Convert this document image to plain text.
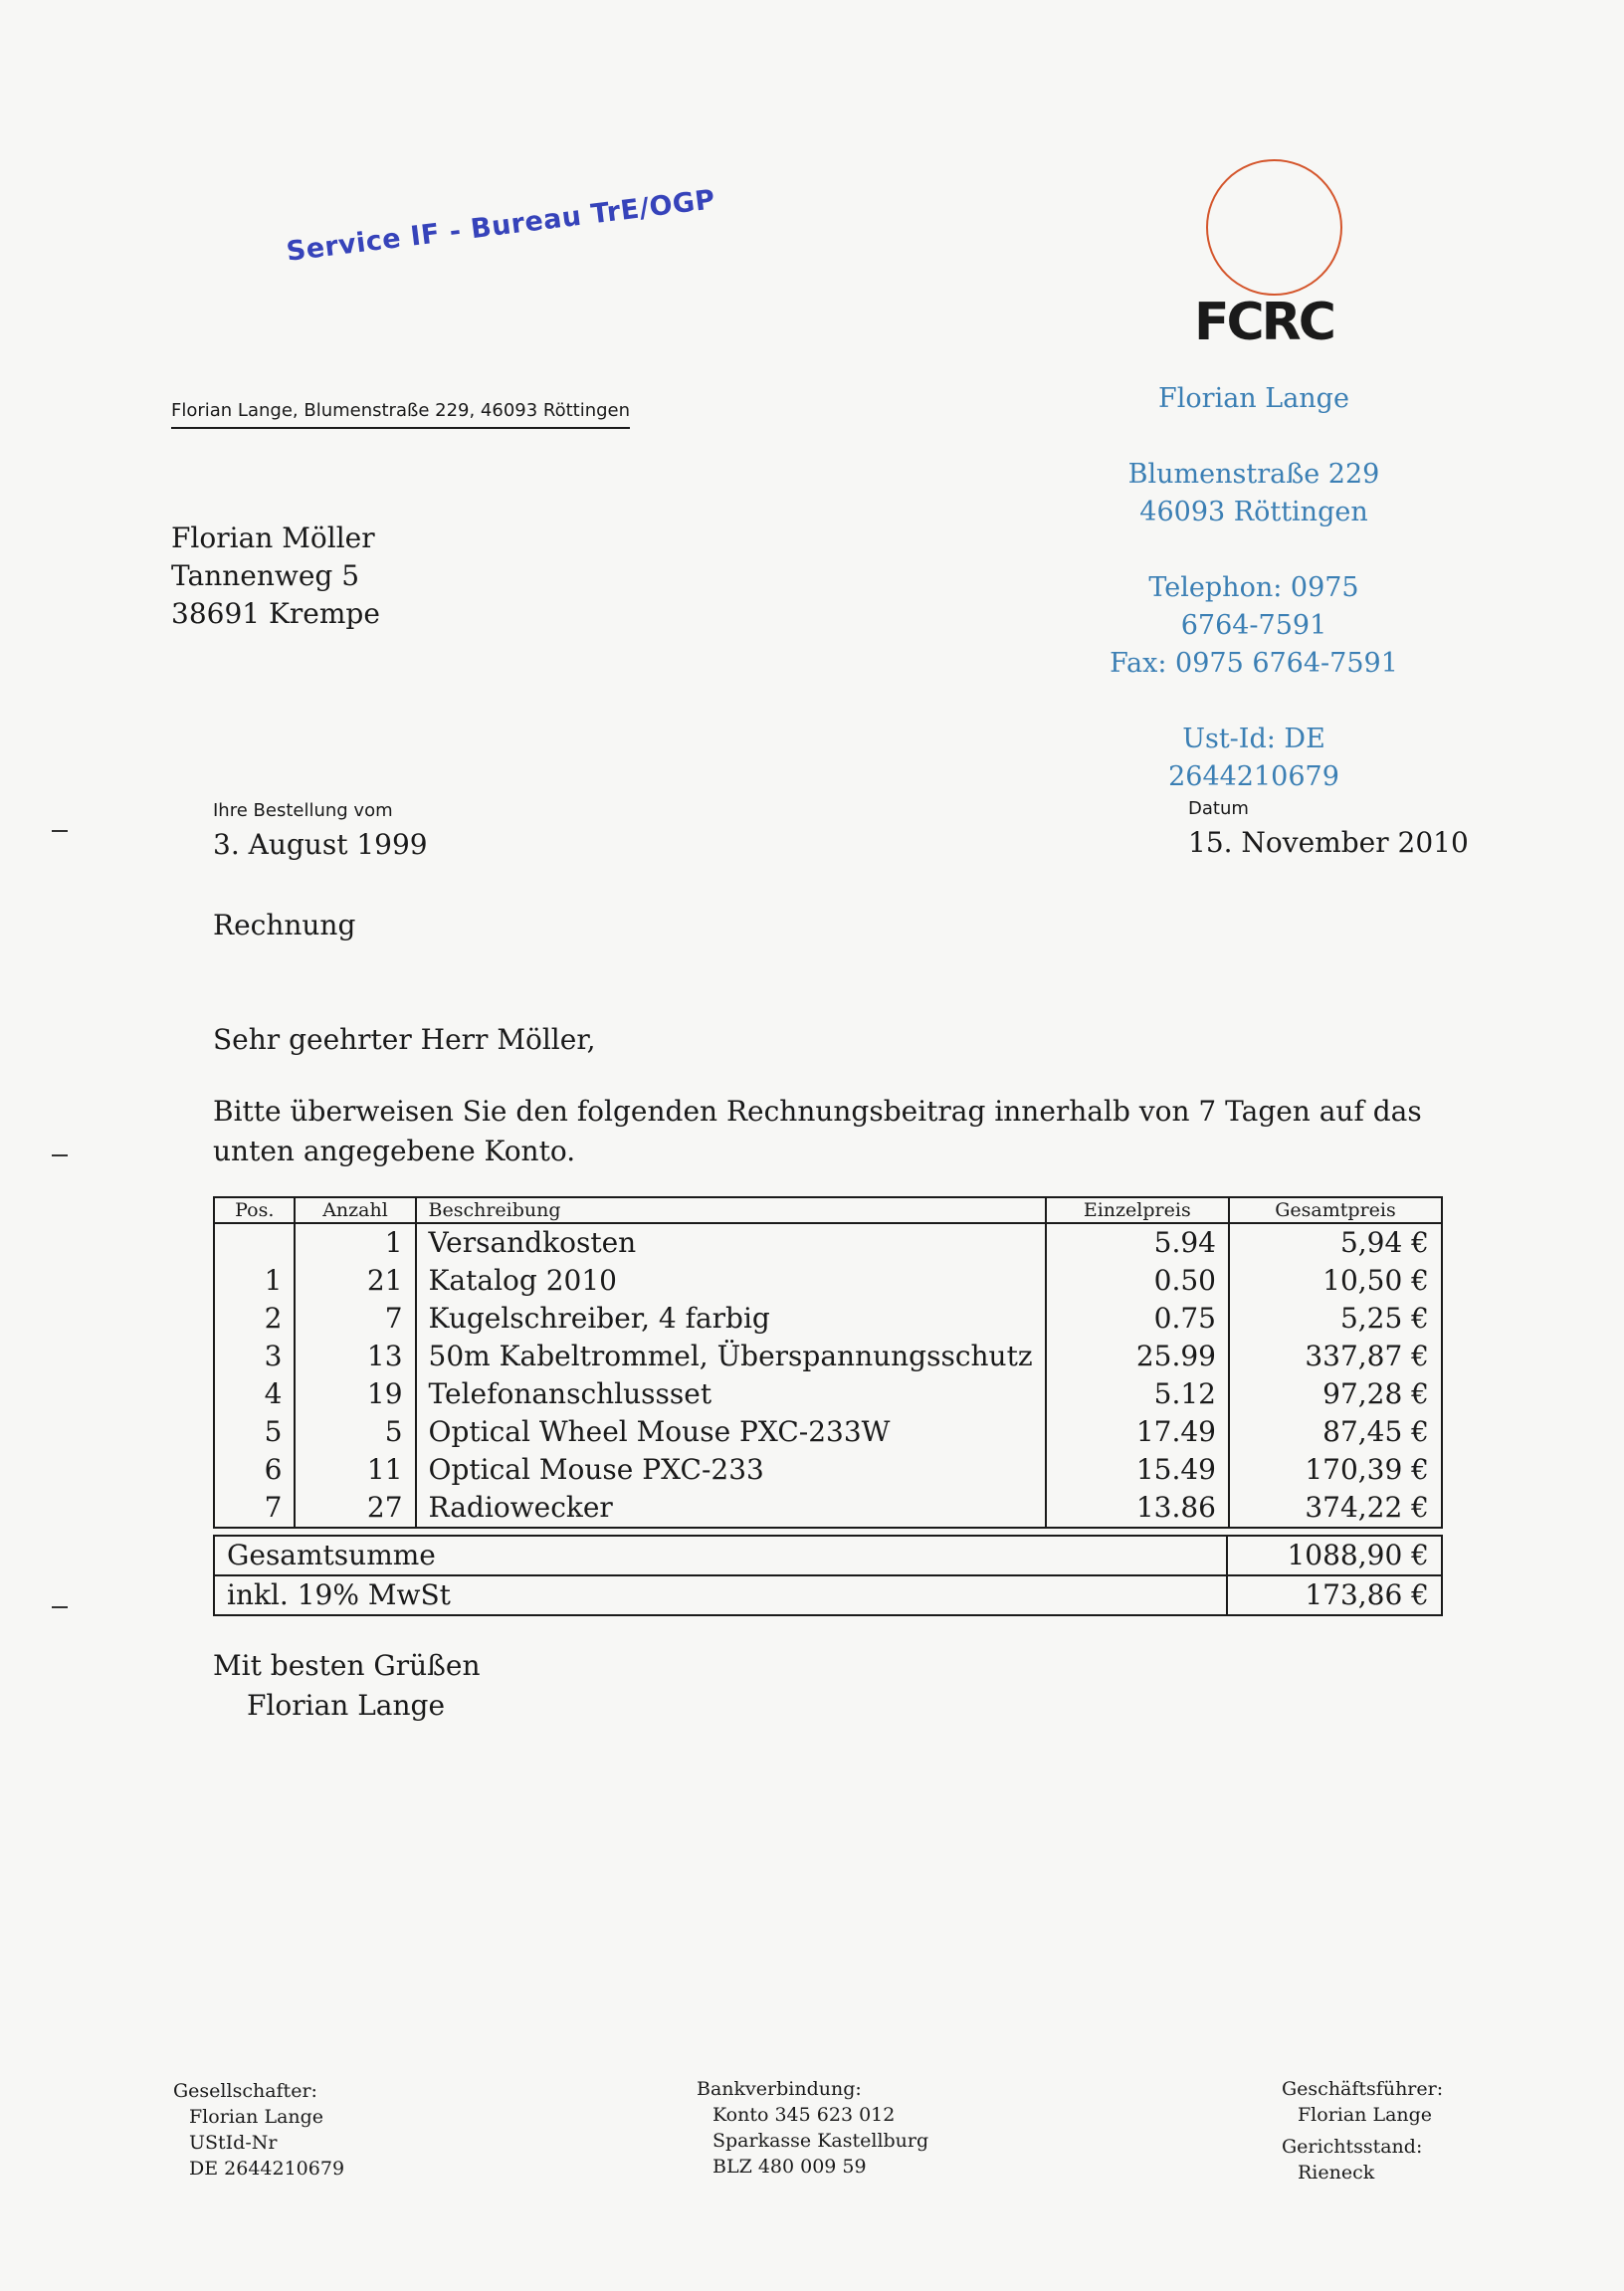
Service IF - Bureau TrE/OGP
FCRC
Florian Lange, Blumenstraße 229, 46093 Röttingen
Florian Möller
Tannenweg 5
38691 Krempe
Florian Lange
Blumenstraße 229
46093 Röttingen
Telephon: 0975
6764-7591
Fax: 0975 6764-7591
Ust-Id: DE 2644210679
Ihre Bestellung vom
3. August 1999
Datum
15. November 2010
Rechnung
Sehr geehrter Herr Möller,
Bitte überweisen Sie den folgenden Rechnungsbeitrag innerhalb von 7 Tagen auf das
unten angegebene Konto.
Pos.	Anzahl	Beschreibung	Einzelpreis	Gesamtpreis
	1	Versandkosten	5.94	5,94 €
1	21	Katalog 2010	0.50	10,50 €
2	7	Kugelschreiber, 4 farbig	0.75	5,25 €
3	13	50m Kabeltrommel, Überspannungsschutz	25.99	337,87 €
4	19	Telefonanschlussset	5.12	97,28 €
5	5	Optical Wheel Mouse PXC-233W	17.49	87,45 €
6	11	Optical Mouse PXC-233	15.49	170,39 €
7	27	Radiowecker	13.86	374,22 €
Gesamtsumme	1088,90 €
inkl. 19% MwSt	173,86 €
Mit besten Grüßen
Florian Lange
Gesellschafter:
Florian Lange
UStId-Nr
DE 2644210679
Bankverbindung:
Konto 345 623 012
Sparkasse Kastellburg
BLZ 480 009 59
Geschäftsführer:
Florian Lange
Gerichtsstand:
Rieneck
